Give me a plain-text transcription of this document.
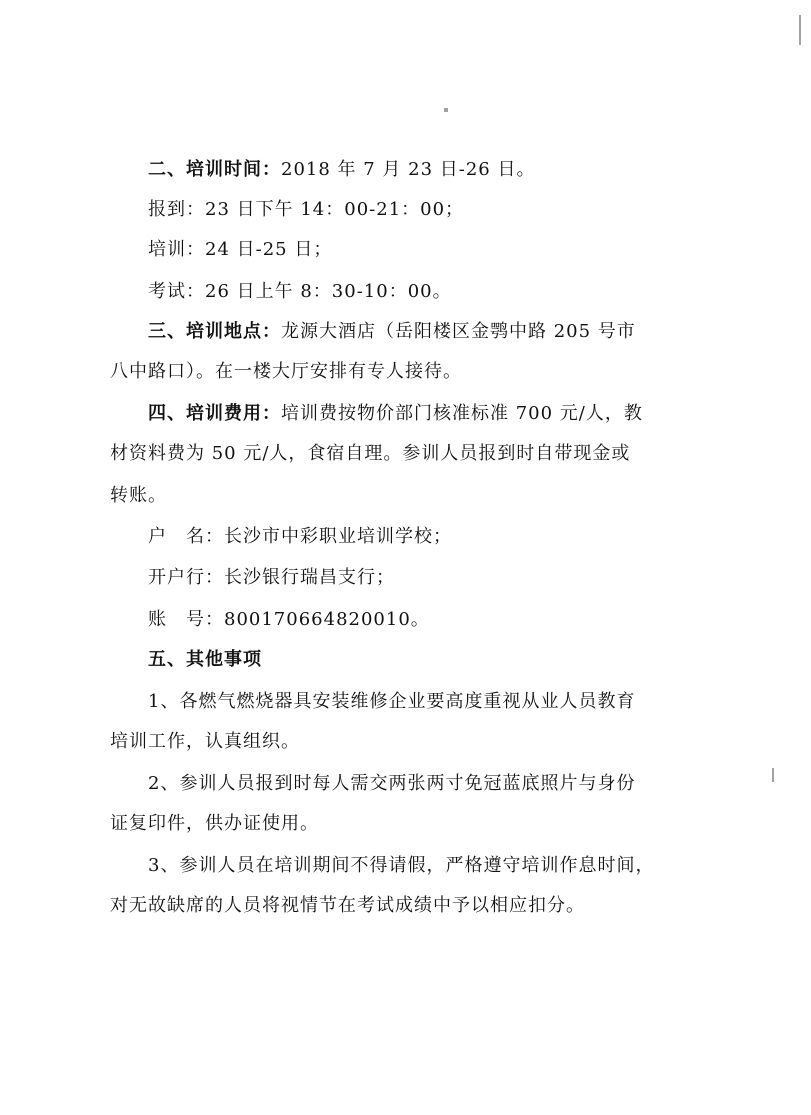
二、培训时间：2018 年 7 月 23 日-26 日。
报到：23 日下午 14：00-21：00；
培训：24 日-25 日；
考试：26 日上午 8：30-10：00。
三、培训地点：龙源大酒店（岳阳楼区金鹗中路 205 号市
八中路口）。在一楼大厅安排有专人接待。
四、培训费用：培训费按物价部门核准标准 700 元/人，教
材资料费为 50 元/人，食宿自理。参训人员报到时自带现金或
转账。
户　名：长沙市中彩职业培训学校；
开户行：长沙银行瑞昌支行；
账　号：800170664820010。
五、其他事项
1、各燃气燃烧器具安装维修企业要高度重视从业人员教育
培训工作，认真组织。
2、参训人员报到时每人需交两张两寸免冠蓝底照片与身份
证复印件，供办证使用。
3、参训人员在培训期间不得请假，严格遵守培训作息时间，
对无故缺席的人员将视情节在考试成绩中予以相应扣分。
